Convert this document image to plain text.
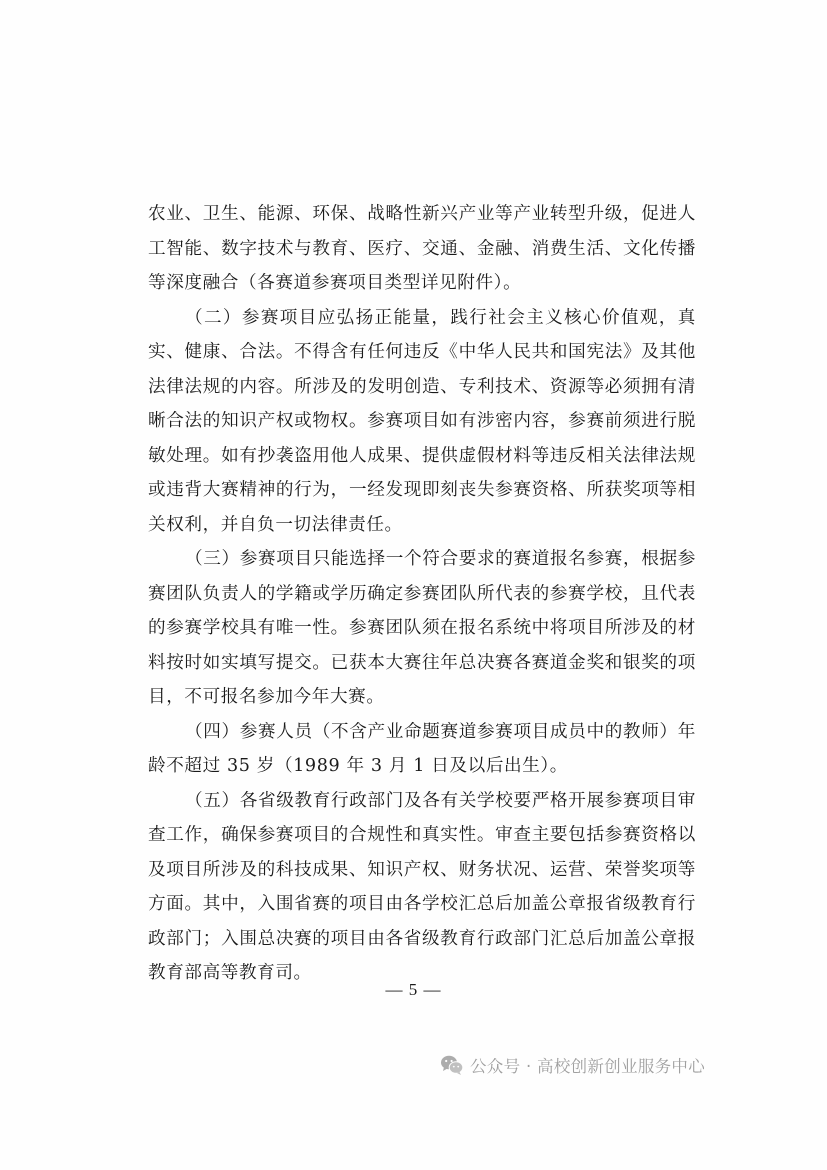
农业、卫生、能源、环保、战略性新兴产业等产业转型升级，促进人工智能、数字技术与教育、医疗、交通、金融、消费生活、文化传播等深度融合（各赛道参赛项目类型详见附件）。

（二）参赛项目应弘扬正能量，践行社会主义核心价值观，真实、健康、合法。不得含有任何违反《中华人民共和国宪法》及其他法律法规的内容。所涉及的发明创造、专利技术、资源等必须拥有清晰合法的知识产权或物权。参赛项目如有涉密内容，参赛前须进行脱敏处理。如有抄袭盗用他人成果、提供虚假材料等违反相关法律法规或违背大赛精神的行为，一经发现即刻丧失参赛资格、所获奖项等相关权利，并自负一切法律责任。

（三）参赛项目只能选择一个符合要求的赛道报名参赛，根据参赛团队负责人的学籍或学历确定参赛团队所代表的参赛学校，且代表的参赛学校具有唯一性。参赛团队须在报名系统中将项目所涉及的材料按时如实填写提交。已获本大赛往年总决赛各赛道金奖和银奖的项目，不可报名参加今年大赛。

（四）参赛人员（不含产业命题赛道参赛项目成员中的教师）年龄不超过 35 岁（1989 年 3 月 1 日及以后出生）。

（五）各省级教育行政部门及各有关学校要严格开展参赛项目审查工作，确保参赛项目的合规性和真实性。审查主要包括参赛资格以及项目所涉及的科技成果、知识产权、财务状况、运营、荣誉奖项等方面。其中，入围省赛的项目由各学校汇总后加盖公章报省级教育行政部门；入围总决赛的项目由各省级教育行政部门汇总后加盖公章报教育部高等教育司。

— 5 —
公众号 · 高校创新创业服务中心
